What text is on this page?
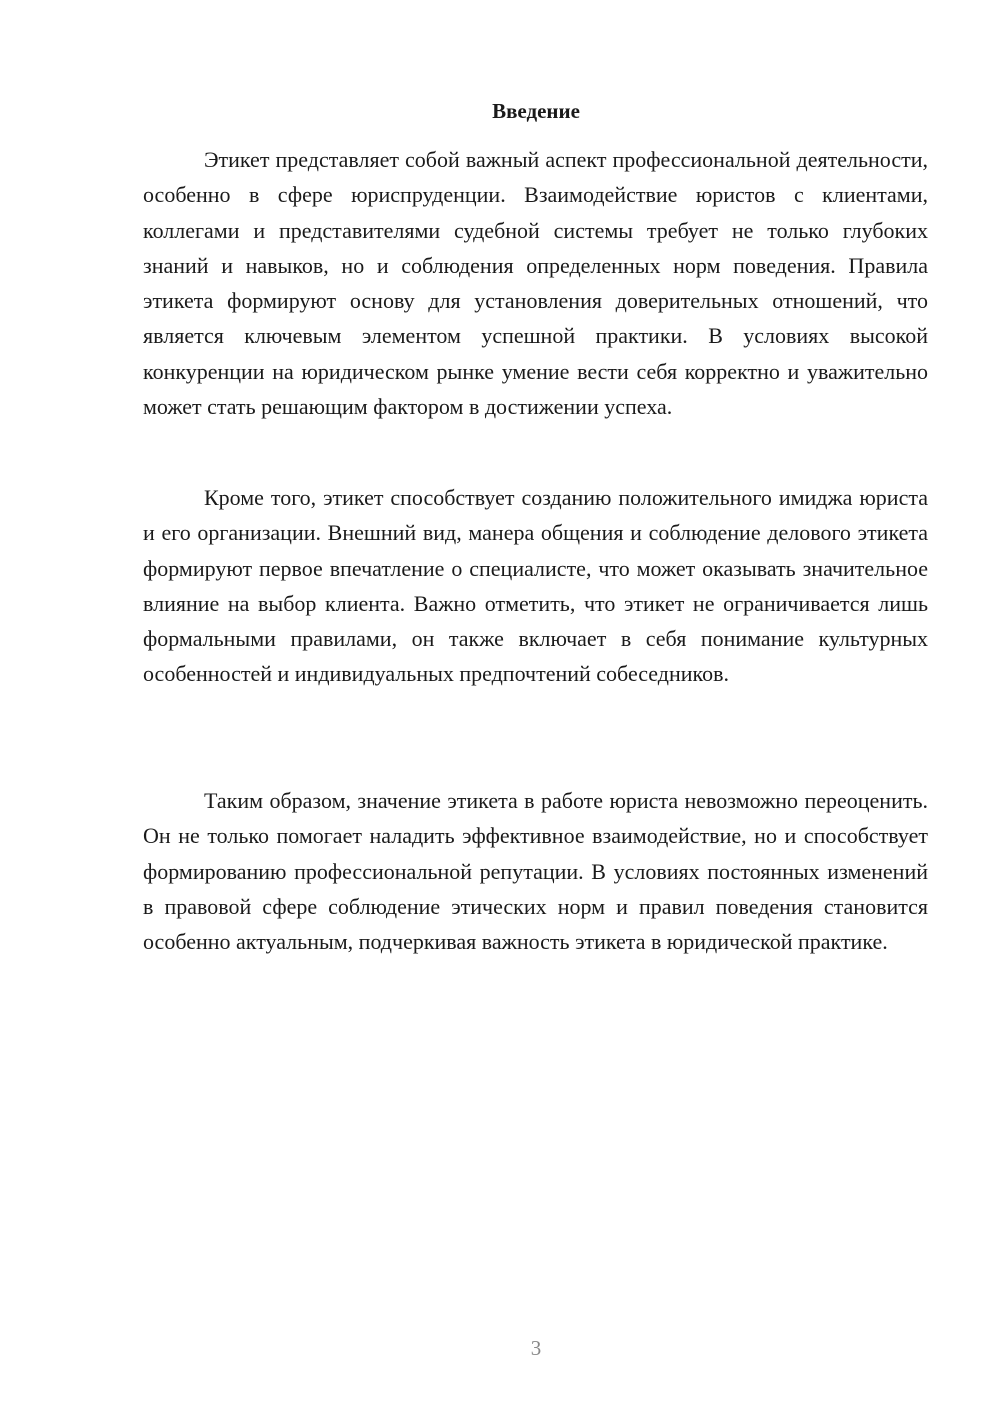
Введение

Этикет представляет собой важный аспект профессиональной деятельности, особенно в сфере юриспруденции. Взаимодействие юристов с клиентами, коллегами и представителями судебной системы требует не только глубоких знаний и навыков, но и соблюдения определенных норм поведения. Правила этикета формируют основу для установления доверительных отношений, что является ключевым элементом успешной практики. В условиях высокой конкуренции на юридическом рынке умение вести себя корректно и уважительно может стать решающим фактором в достижении успеха.

Кроме того, этикет способствует созданию положительного имиджа юриста и его организации. Внешний вид, манера общения и соблюдение делового этикета формируют первое впечатление о специалисте, что может оказывать значительное влияние на выбор клиента. Важно отметить, что этикет не ограничивается лишь формальными правилами, он также включает в себя понимание культурных особенностей и индивидуальных предпочтений собеседников.

Таким образом, значение этикета в работе юриста невозможно переоценить. Он не только помогает наладить эффективное взаимодействие, но и способствует формированию профессиональной репутации. В условиях постоянных изменений в правовой сфере соблюдение этических норм и правил поведения становится особенно актуальным, подчеркивая важность этикета в юридической практике.

3
